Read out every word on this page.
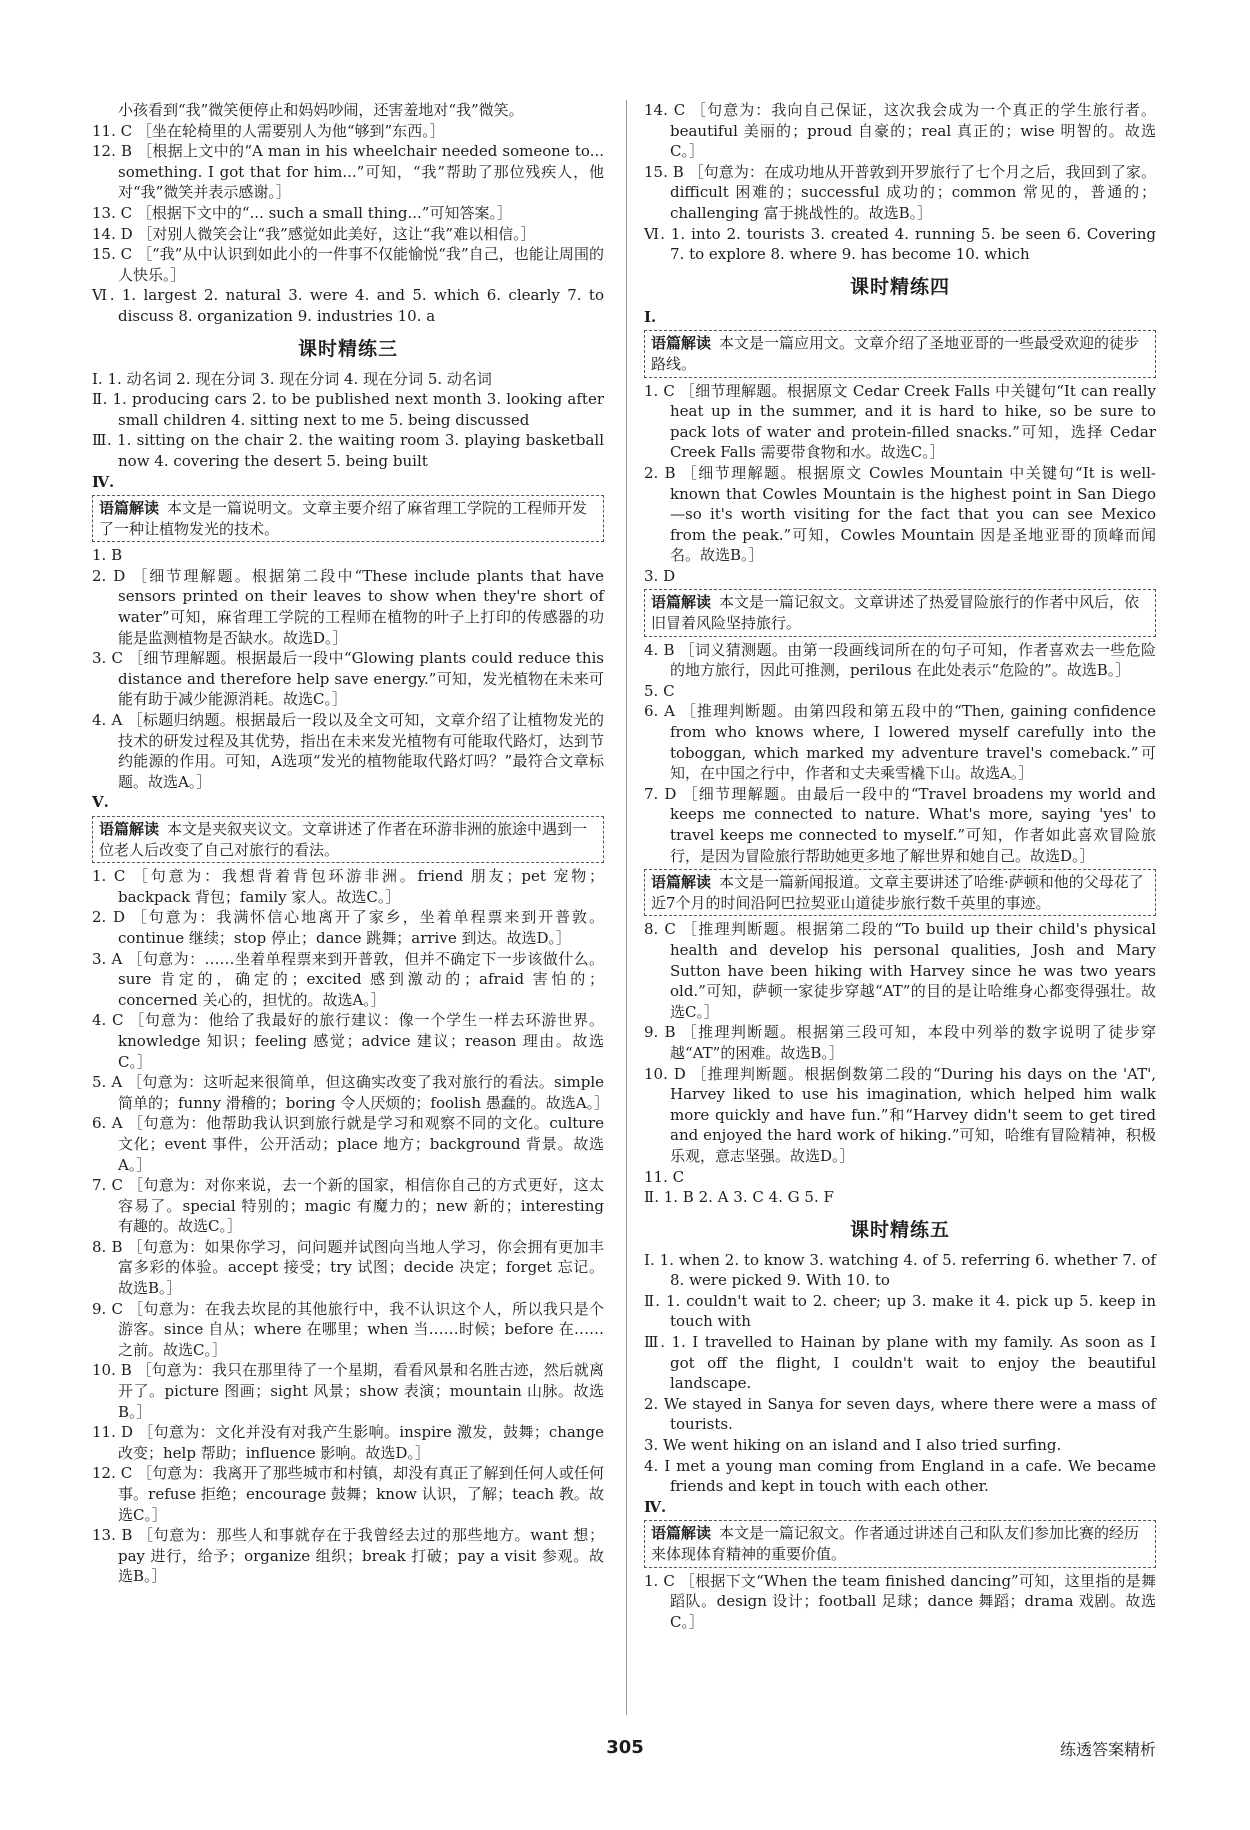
小孩看到“我”微笑便停止和妈妈吵闹，还害羞地对“我”微笑。

11. C ［坐在轮椅里的人需要别人为他“够到”东西。］

12. B ［根据上文中的“A man in his wheelchair needed someone to... something. I got that for him...”可知，“我”帮助了那位残疾人，他对“我”微笑并表示感谢。］

13. C ［根据下文中的“... such a small thing...”可知答案。］

14. D ［对别人微笑会让“我”感觉如此美好，这让“我”难以相信。］

15. C ［“我”从中认识到如此小的一件事不仅能愉悦“我”自己，也能让周围的人快乐。］

Ⅵ. 1. largest 2. natural 3. were 4. and 5. which 6. clearly 7. to discuss 8. organization 9. industries 10. a

课时精练三

Ⅰ. 1. 动名词 2. 现在分词 3. 现在分词 4. 现在分词 5. 动名词

Ⅱ. 1. producing cars 2. to be published next month 3. looking after small children 4. sitting next to me 5. being discussed

Ⅲ. 1. sitting on the chair 2. the waiting room 3. playing basketball now 4. covering the desert 5. being built

Ⅳ.

语篇解读 本文是一篇说明文。文章主要介绍了麻省理工学院的工程师开发了一种让植物发光的技术。

1. B

2. D ［细节理解题。根据第二段中“These include plants that have sensors printed on their leaves to show when they're short of water”可知，麻省理工学院的工程师在植物的叶子上打印的传感器的功能是监测植物是否缺水。故选D。］

3. C ［细节理解题。根据最后一段中“Glowing plants could reduce this distance and therefore help save energy.”可知，发光植物在未来可能有助于减少能源消耗。故选C。］

4. A ［标题归纳题。根据最后一段以及全文可知，文章介绍了让植物发光的技术的研发过程及其优势，指出在未来发光植物有可能取代路灯，达到节约能源的作用。可知，A选项“发光的植物能取代路灯吗？”最符合文章标题。故选A。］

Ⅴ.

语篇解读 本文是夹叙夹议文。文章讲述了作者在环游非洲的旅途中遇到一位老人后改变了自己对旅行的看法。

1. C ［句意为：我想背着背包环游非洲。friend 朋友；pet 宠物；backpack 背包；family 家人。故选C。］

2. D ［句意为：我满怀信心地离开了家乡，坐着单程票来到开普敦。continue 继续；stop 停止；dance 跳舞；arrive 到达。故选D。］

3. A ［句意为：……坐着单程票来到开普敦，但并不确定下一步该做什么。sure 肯定的，确定的；excited 感到激动的；afraid 害怕的；concerned 关心的，担忧的。故选A。］

4. C ［句意为：他给了我最好的旅行建议：像一个学生一样去环游世界。knowledge 知识；feeling 感觉；advice 建议；reason 理由。故选C。］

5. A ［句意为：这听起来很简单，但这确实改变了我对旅行的看法。simple 简单的；funny 滑稽的；boring 令人厌烦的；foolish 愚蠢的。故选A。］

6. A ［句意为：他帮助我认识到旅行就是学习和观察不同的文化。culture 文化；event 事件，公开活动；place 地方；background 背景。故选A。］

7. C ［句意为：对你来说，去一个新的国家，相信你自己的方式更好，这太容易了。special 特别的；magic 有魔力的；new 新的；interesting 有趣的。故选C。］

8. B ［句意为：如果你学习，问问题并试图向当地人学习，你会拥有更加丰富多彩的体验。accept 接受；try 试图；decide 决定；forget 忘记。故选B。］

9. C ［句意为：在我去坎昆的其他旅行中，我不认识这个人，所以我只是个游客。since 自从；where 在哪里；when 当……时候；before 在……之前。故选C。］

10. B ［句意为：我只在那里待了一个星期，看看风景和名胜古迹，然后就离开了。picture 图画；sight 风景；show 表演；mountain 山脉。故选B。］

11. D ［句意为：文化并没有对我产生影响。inspire 激发，鼓舞；change 改变；help 帮助；influence 影响。故选D。］

12. C ［句意为：我离开了那些城市和村镇，却没有真正了解到任何人或任何事。refuse 拒绝；encourage 鼓舞；know 认识，了解；teach 教。故选C。］

13. B ［句意为：那些人和事就存在于我曾经去过的那些地方。want 想；pay 进行，给予；organize 组织；break 打破；pay a visit 参观。故选B。］

14. C ［句意为：我向自己保证，这次我会成为一个真正的学生旅行者。beautiful 美丽的；proud 自豪的；real 真正的；wise 明智的。故选C。］

15. B ［句意为：在成功地从开普敦到开罗旅行了七个月之后，我回到了家。difficult 困难的；successful 成功的；common 常见的，普通的；challenging 富于挑战性的。故选B。］

Ⅵ. 1. into 2. tourists 3. created 4. running 5. be seen 6. Covering 7. to explore 8. where 9. has become 10. which

课时精练四

Ⅰ.

语篇解读 本文是一篇应用文。文章介绍了圣地亚哥的一些最受欢迎的徒步路线。

1. C ［细节理解题。根据原文 Cedar Creek Falls 中关键句“It can really heat up in the summer, and it is hard to hike, so be sure to pack lots of water and protein-filled snacks.”可知，选择 Cedar Creek Falls 需要带食物和水。故选C。］

2. B ［细节理解题。根据原文 Cowles Mountain 中关键句“It is well-known that Cowles Mountain is the highest point in San Diego—so it's worth visiting for the fact that you can see Mexico from the peak.”可知，Cowles Mountain 因是圣地亚哥的顶峰而闻名。故选B。］

3. D

语篇解读 本文是一篇记叙文。文章讲述了热爱冒险旅行的作者中风后，依旧冒着风险坚持旅行。

4. B ［词义猜测题。由第一段画线词所在的句子可知，作者喜欢去一些危险的地方旅行，因此可推测，perilous 在此处表示“危险的”。故选B。］

5. C

6. A ［推理判断题。由第四段和第五段中的“Then, gaining confidence from who knows where, I lowered myself carefully into the toboggan, which marked my adventure travel's comeback.”可知，在中国之行中，作者和丈夫乘雪橇下山。故选A。］

7. D ［细节理解题。由最后一段中的“Travel broadens my world and keeps me connected to nature. What's more, saying 'yes' to travel keeps me connected to myself.”可知，作者如此喜欢冒险旅行，是因为冒险旅行帮助她更多地了解世界和她自己。故选D。］

语篇解读 本文是一篇新闻报道。文章主要讲述了哈维·萨顿和他的父母花了近7个月的时间沿阿巴拉契亚山道徒步旅行数千英里的事迹。

8. C ［推理判断题。根据第二段的“To build up their child's physical health and develop his personal qualities, Josh and Mary Sutton have been hiking with Harvey since he was two years old.”可知，萨顿一家徒步穿越“AT”的目的是让哈维身心都变得强壮。故选C。］

9. B ［推理判断题。根据第三段可知，本段中列举的数字说明了徒步穿越“AT”的困难。故选B。］

10. D ［推理判断题。根据倒数第二段的“During his days on the 'AT', Harvey liked to use his imagination, which helped him walk more quickly and have fun.”和“Harvey didn't seem to get tired and enjoyed the hard work of hiking.”可知，哈维有冒险精神，积极乐观，意志坚强。故选D。］

11. C

Ⅱ. 1. B 2. A 3. C 4. G 5. F

课时精练五

Ⅰ. 1. when 2. to know 3. watching 4. of 5. referring 6. whether 7. of 8. were picked 9. With 10. to

Ⅱ. 1. couldn't wait to 2. cheer; up 3. make it 4. pick up 5. keep in touch with

Ⅲ. 1. I travelled to Hainan by plane with my family. As soon as I got off the flight, I couldn't wait to enjoy the beautiful landscape.

2. We stayed in Sanya for seven days, where there were a mass of tourists.

3. We went hiking on an island and I also tried surfing.

4. I met a young man coming from England in a cafe. We became friends and kept in touch with each other.

Ⅳ.

语篇解读 本文是一篇记叙文。作者通过讲述自己和队友们参加比赛的经历来体现体育精神的重要价值。

1. C ［根据下文“When the team finished dancing”可知，这里指的是舞蹈队。design 设计；football 足球；dance 舞蹈；drama 戏剧。故选C。］

305	练透答案精析
